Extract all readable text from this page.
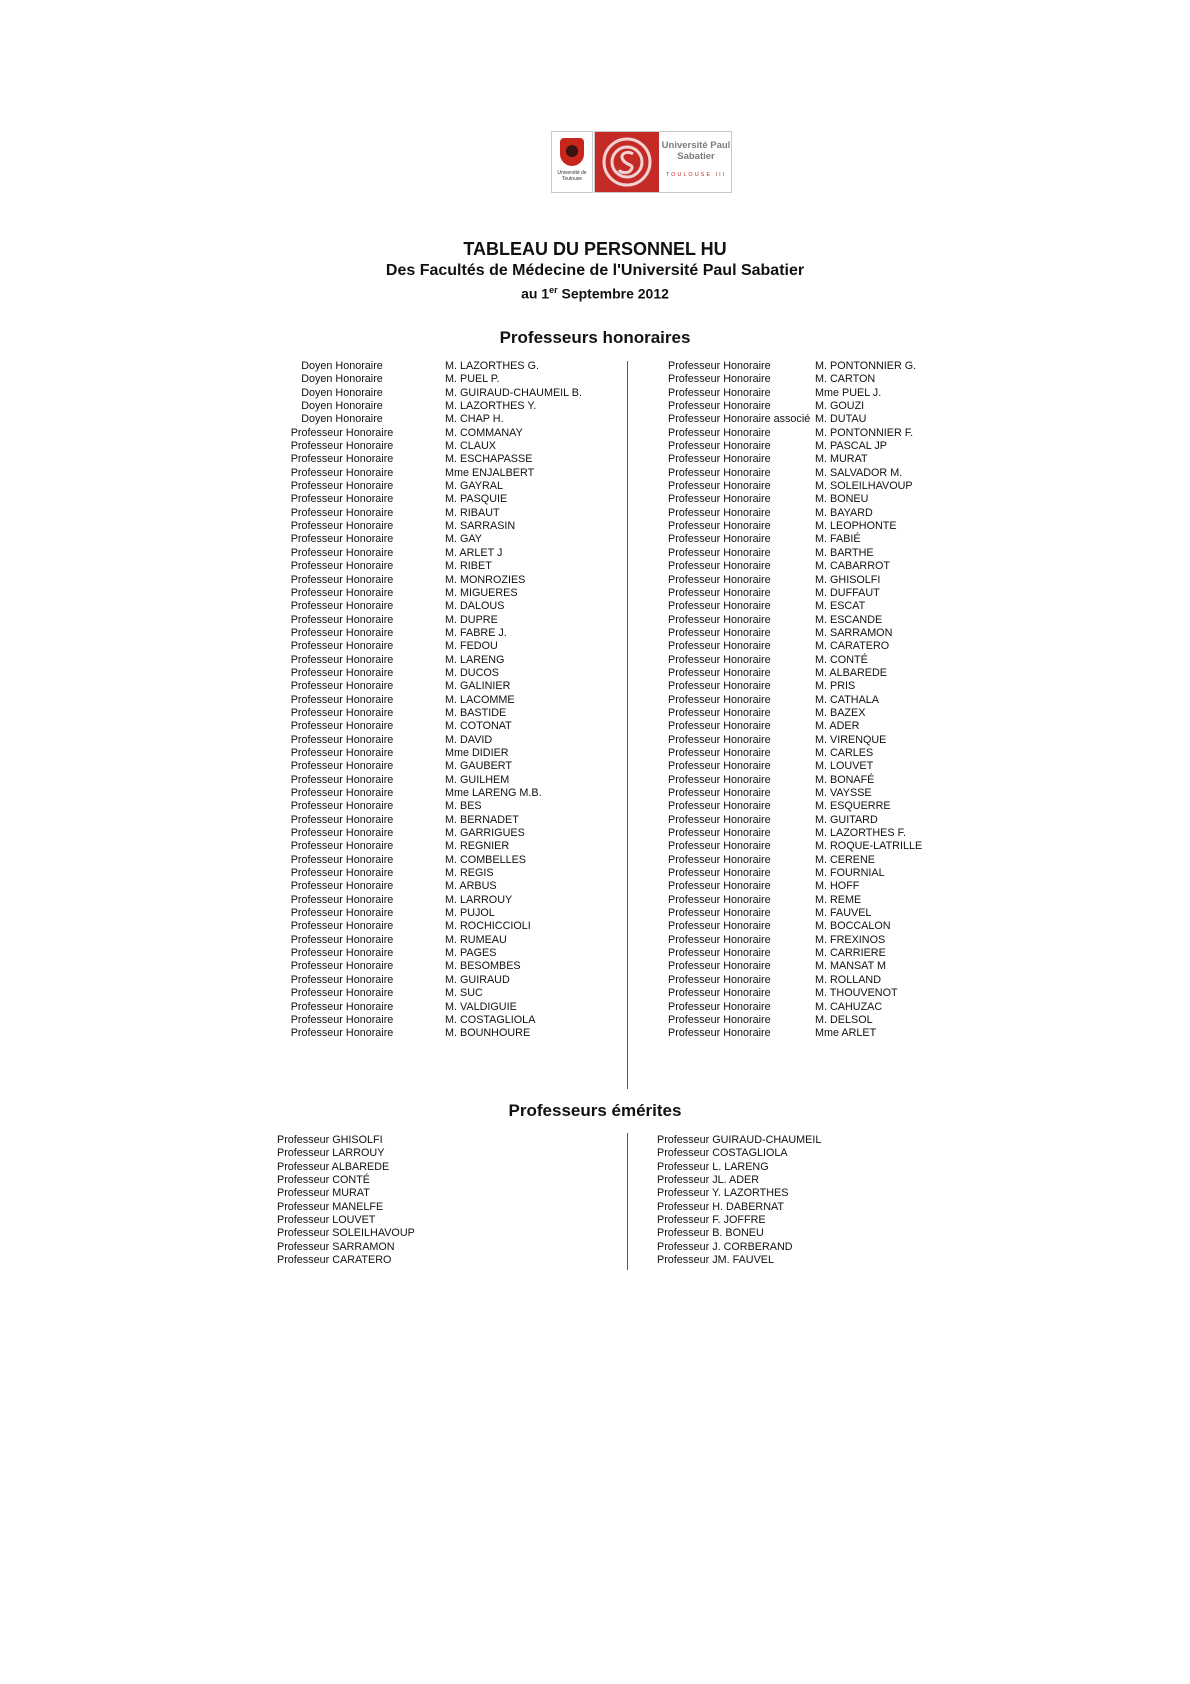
Université de Toulouse
Université Paul Sabatier
TOULOUSE III
TABLEAU DU PERSONNEL HU
Des Facultés de Médecine de l'Université Paul Sabatier
au 1er Septembre 2012
Professeurs honoraires
Doyen Honoraire
Doyen Honoraire
Doyen Honoraire
Doyen Honoraire
Doyen Honoraire
Professeur Honoraire
Professeur Honoraire
Professeur Honoraire
Professeur Honoraire
Professeur Honoraire
Professeur Honoraire
Professeur Honoraire
Professeur Honoraire
Professeur Honoraire
Professeur Honoraire
Professeur Honoraire
Professeur Honoraire
Professeur Honoraire
Professeur Honoraire
Professeur Honoraire
Professeur Honoraire
Professeur Honoraire
Professeur Honoraire
Professeur Honoraire
Professeur Honoraire
Professeur Honoraire
Professeur Honoraire
Professeur Honoraire
Professeur Honoraire
Professeur Honoraire
Professeur Honoraire
Professeur Honoraire
Professeur Honoraire
Professeur Honoraire
Professeur Honoraire
Professeur Honoraire
Professeur Honoraire
Professeur Honoraire
Professeur Honoraire
Professeur Honoraire
Professeur Honoraire
Professeur Honoraire
Professeur Honoraire
Professeur Honoraire
Professeur Honoraire
Professeur Honoraire
Professeur Honoraire
Professeur Honoraire
Professeur Honoraire
Professeur Honoraire
Professeur Honoraire
M. LAZORTHES G.
M. PUEL P.
M. GUIRAUD-CHAUMEIL B.
M. LAZORTHES Y.
M. CHAP H.
M. COMMANAY
M. CLAUX
M. ESCHAPASSE
Mme ENJALBERT
M. GAYRAL
M. PASQUIE
M. RIBAUT
M. SARRASIN
M. GAY
M. ARLET J
M. RIBET
M. MONROZIES
M. MIGUERES
M. DALOUS
M. DUPRE
M. FABRE J.
M. FEDOU
M. LARENG
M. DUCOS
M. GALINIER
M. LACOMME
M. BASTIDE
M. COTONAT
M. DAVID
Mme DIDIER
M. GAUBERT
M. GUILHEM
Mme LARENG M.B.
M. BES
M. BERNADET
M. GARRIGUES
M. REGNIER
M. COMBELLES
M. REGIS
M. ARBUS
M. LARROUY
M. PUJOL
M. ROCHICCIOLI
M. RUMEAU
M. PAGES
M. BESOMBES
M. GUIRAUD
M. SUC
M. VALDIGUIE
M. COSTAGLIOLA
M. BOUNHOURE
Professeur Honoraire
Professeur Honoraire
Professeur Honoraire
Professeur Honoraire
Professeur Honoraire associé
Professeur Honoraire
Professeur Honoraire
Professeur Honoraire
Professeur Honoraire
Professeur Honoraire
Professeur Honoraire
Professeur Honoraire
Professeur Honoraire
Professeur Honoraire
Professeur Honoraire
Professeur Honoraire
Professeur Honoraire
Professeur Honoraire
Professeur Honoraire
Professeur Honoraire
Professeur Honoraire
Professeur Honoraire
Professeur Honoraire
Professeur Honoraire
Professeur Honoraire
Professeur Honoraire
Professeur Honoraire
Professeur Honoraire
Professeur Honoraire
Professeur Honoraire
Professeur Honoraire
Professeur Honoraire
Professeur Honoraire
Professeur Honoraire
Professeur Honoraire
Professeur Honoraire
Professeur Honoraire
Professeur Honoraire
Professeur Honoraire
Professeur Honoraire
Professeur Honoraire
Professeur Honoraire
Professeur Honoraire
Professeur Honoraire
Professeur Honoraire
Professeur Honoraire
Professeur Honoraire
Professeur Honoraire
Professeur Honoraire
Professeur Honoraire
Professeur Honoraire
M. PONTONNIER G.
M. CARTON
Mme PUEL J.
M. GOUZI
M. DUTAU
M. PONTONNIER F.
M. PASCAL JP
M. MURAT
M. SALVADOR M.
M. SOLEILHAVOUP
M. BONEU
M. BAYARD
M. LEOPHONTE
M. FABIÉ
M. BARTHE
M. CABARROT
M. GHISOLFI
M. DUFFAUT
M. ESCAT
M. ESCANDE
M. SARRAMON
M. CARATERO
M. CONTÉ
M. ALBAREDE
M. PRIS
M. CATHALA
M. BAZEX
M. ADER
M. VIRENQUE
M. CARLES
M. LOUVET
M. BONAFÉ
M. VAYSSE
M. ESQUERRE
M. GUITARD
M. LAZORTHES F.
M. ROQUE-LATRILLE
M. CERENE
M. FOURNIAL
M. HOFF
M. REME
M. FAUVEL
M. BOCCALON
M. FREXINOS
M. CARRIERE
M. MANSAT M
M. ROLLAND
M. THOUVENOT
M. CAHUZAC
M. DELSOL
Mme ARLET
Professeurs émérites
Professeur GHISOLFI
Professeur LARROUY
Professeur ALBAREDE
Professeur CONTÉ
Professeur MURAT
Professeur MANELFE
Professeur LOUVET
Professeur SOLEILHAVOUP
Professeur SARRAMON
Professeur CARATERO
Professeur GUIRAUD-CHAUMEIL
Professeur COSTAGLIOLA
Professeur L. LARENG
Professeur JL. ADER
Professeur Y. LAZORTHES
Professeur H. DABERNAT
Professeur F. JOFFRE
Professeur B. BONEU
Professeur J. CORBERAND
Professeur JM. FAUVEL
